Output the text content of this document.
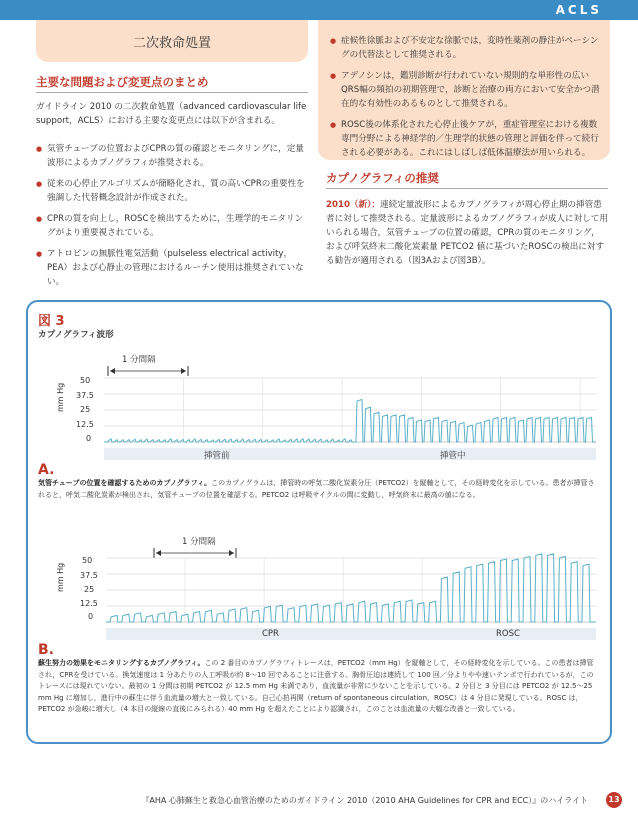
ACLS
二次救命処置
主要な問題および変更点のまとめ
ガイドライン 2010 の二次救命処置（advanced cardiovascular life support，ACLS）における主要な変更点には以下が含まれる。
● 気管チューブの位置およびCPRの質の確認とモニタリングに，定量波形によるカプノグラフィが推奨される。
● 従来の心停止アルゴリズムが簡略化され，質の高いCPRの重要性を強調した代替概念設計が作成された。
● CPRの質を向上し，ROSCを検出するために，生理学的モニタリングがより重要視されている。
● アトロピンの無脈性電気活動（pulseless electrical activity，PEA）および心静止の管理におけるルーチン使用は推奨されていない。
● 症候性徐脈および不安定な徐脈では，変時性薬剤の静注がペーシングの代替法として推奨される。
● アデノシンは，鑑別診断が行われていない規則的な単形性の広いQRS幅の頻拍の初期管理で，診断と治療の両方において安全かつ潜在的な有効性のあるものとして推奨される。
● ROSC後の体系化された心停止後ケアが，重症管理室における複数専門分野による神経学的／生理学的状態の管理と評価を伴って続行される必要がある。これにはしばしば低体温療法が用いられる。
カプノグラフィの推奨
2010（新）：連続定量波形によるカプノグラフィが周心停止期の挿管患者に対して推奨される。定量波形によるカプノグラフィが成人に対して用いられる場合，気管チューブの位置の確認，CPRの質のモニタリング，および呼気終末二酸化炭素量 PETCO2 値に基づいたROSCの検出に対する勧告が適用される（図3Aおよび図3B）。
図 3
カプノグラフィ波形
1 分間隔
mm Hg
50
37.5
25
12.5
0
挿管前	挿管中
A.
気管チューブの位置を確認するためのカプノグラフィ。このカプノグラムは，挿管時の呼気二酸化炭素分圧（PETCO2）を縦軸として，その経時変化を示している。患者が挿管されると，呼気二酸化炭素が検出され，気管チューブの位置を確認する。PETCO2 は呼吸サイクルの間に変動し，呼気終末に最高の値になる。
1 分間隔
mm Hg
50
37.5
25
12.5
0
CPR	ROSC
B.
蘇生努力の効果をモニタリングするカプノグラフィ。この 2 番目のカプノグラフィトレースは，PETCO2（mm Hg）を縦軸として，その経時変化を示している。この患者は挿管され，CPRを受けている。換気速度は 1 分あたりの人工呼吸が約 8～10 回であることに注意する。胸骨圧迫は連続して 100 回／分よりやや速いテンポで行われているが，このトレースには現れていない。最初の 1 分間は初期 PETCO2 が 12.5 mm Hg 未満であり，血流量が非常に少ないことを示している。2 分目と 3 分目には PETCO2 が 12.5～25 mm Hg に増加し，進行中の蘇生に伴う血流量の増大と一致している。自己心拍再開（return of spontaneous circulation，ROSC）は 4 分目に発現している。ROSC は，PETCO2 が急峻に増大し（4 本目の縦線の直後にみられる）40 mm Hg を超えたことにより認識され，このことは血流量の大幅な改善と一致している。
『AHA 心肺蘇生と救急心血管治療のためのガイドライン 2010（2010 AHA Guidelines for CPR and ECC）』のハイライト	13
